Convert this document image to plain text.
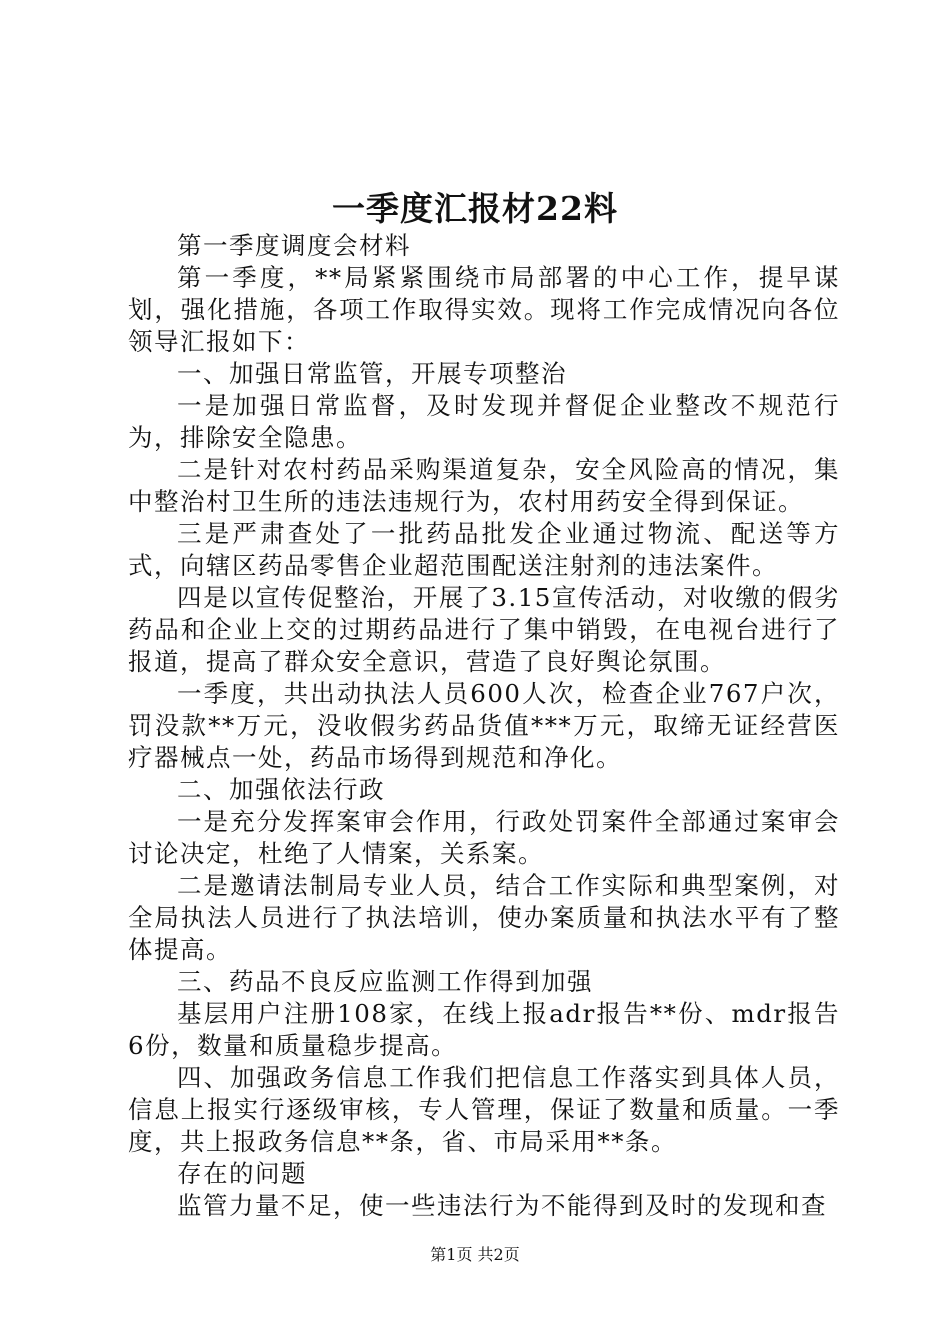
一季度汇报材22料

第一季度调度会材料

第一季度，**局紧紧围绕市局部署的中心工作，提早谋划，强化措施，各项工作取得实效。现将工作完成情况向各位领导汇报如下：

一、加强日常监管，开展专项整治

一是加强日常监督，及时发现并督促企业整改不规范行为，排除安全隐患。

二是针对农村药品采购渠道复杂，安全风险高的情况，集中整治村卫生所的违法违规行为，农村用药安全得到保证。

三是严肃查处了一批药品批发企业通过物流、配送等方式，向辖区药品零售企业超范围配送注射剂的违法案件。

四是以宣传促整治，开展了3.15宣传活动，对收缴的假劣药品和企业上交的过期药品进行了集中销毁，在电视台进行了报道，提高了群众安全意识，营造了良好舆论氛围。

一季度，共出动执法人员600人次，检查企业767户次，罚没款**万元，没收假劣药品货值***万元，取缔无证经营医疗器械点一处，药品市场得到规范和净化。

二、加强依法行政

一是充分发挥案审会作用，行政处罚案件全部通过案审会讨论决定，杜绝了人情案，关系案。

二是邀请法制局专业人员，结合工作实际和典型案例，对全局执法人员进行了执法培训，使办案质量和执法水平有了整体提高。

三、药品不良反应监测工作得到加强

基层用户注册108家，在线上报adr报告**份、mdr报告6份，数量和质量稳步提高。

四、加强政务信息工作我们把信息工作落实到具体人员，信息上报实行逐级审核，专人管理，保证了数量和质量。一季度，共上报政务信息**条，省、市局采用**条。

存在的问题

监管力量不足，使一些违法行为不能得到及时的发现和查

第1页 共2页
